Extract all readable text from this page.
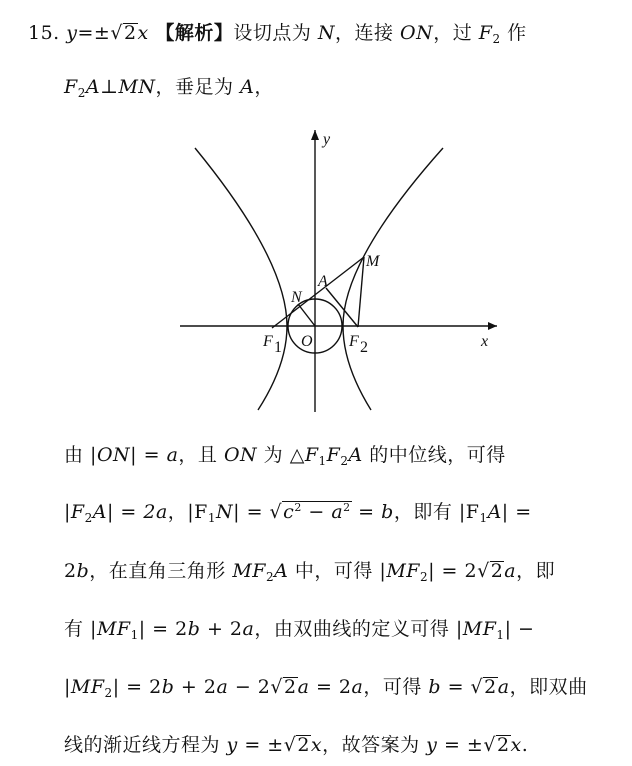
15. y=±√2x 【解析】设切点为 N，连接 ON，过 $F_2$ 作
$F_2A\perp MN$，垂足为 A，
y
x
M
A
N
O
F 1	F 2
由 |ON| = a，且 ON 为 $\triangle F_1F_2A$ 的中位线，可得
$|F_2A| = 2a$，$|F_1N| = √c^2 - a^2 = b$，即有 $|F_1A|$ =
2b，在直角三角形 $MF_2A$ 中，可得 $|MF_2| = 2√2a$，即
有 $|MF_1| = 2b + 2a$，由双曲线的定义可得 $|MF_1|$ −
$|MF_2| = 2b + 2a - 2√2a = 2a$，可得 b = √2a，即双曲
线的渐近线方程为 y = ±√2x，故答案为 y = ±√2x.
